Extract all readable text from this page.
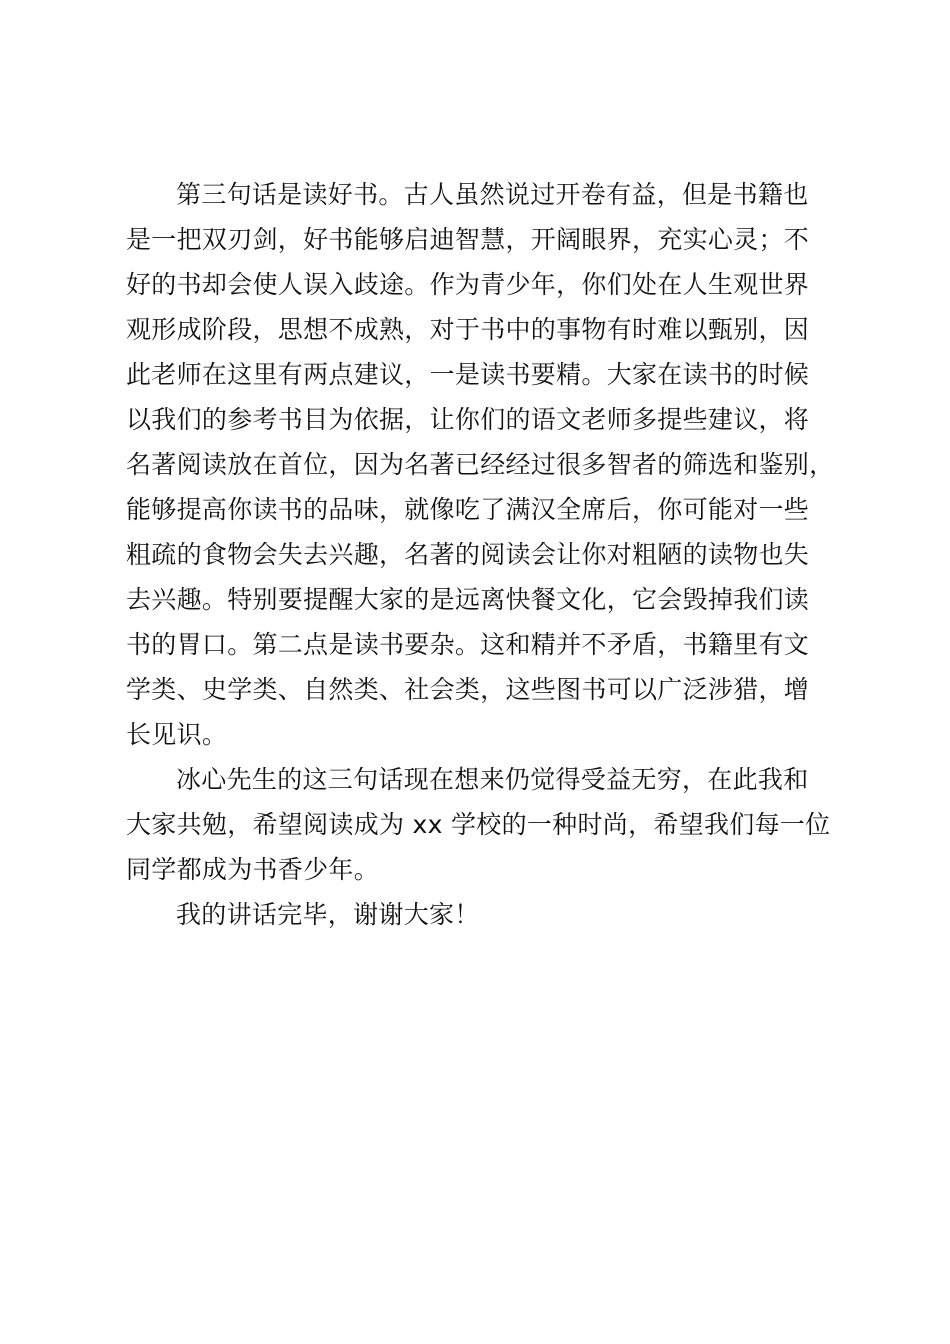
第三句话是读好书。古人虽然说过开卷有益，但是书籍也
是一把双刃剑，好书能够启迪智慧，开阔眼界，充实心灵；不
好的书却会使人误入歧途。作为青少年，你们处在人生观世界
观形成阶段，思想不成熟，对于书中的事物有时难以甄别，因
此老师在这里有两点建议，一是读书要精。大家在读书的时候
以我们的参考书目为依据，让你们的语文老师多提些建议，将
名著阅读放在首位，因为名著已经经过很多智者的筛选和鉴别，
能够提高你读书的品味，就像吃了满汉全席后，你可能对一些
粗疏的食物会失去兴趣，名著的阅读会让你对粗陋的读物也失
去兴趣。特别要提醒大家的是远离快餐文化，它会毁掉我们读
书的胃口。第二点是读书要杂。这和精并不矛盾，书籍里有文
学类、史学类、自然类、社会类，这些图书可以广泛涉猎，增
长见识。
冰心先生的这三句话现在想来仍觉得受益无穷，在此我和
大家共勉，希望阅读成为 xx 学校的一种时尚，希望我们每一位
同学都成为书香少年。
我的讲话完毕，谢谢大家！
